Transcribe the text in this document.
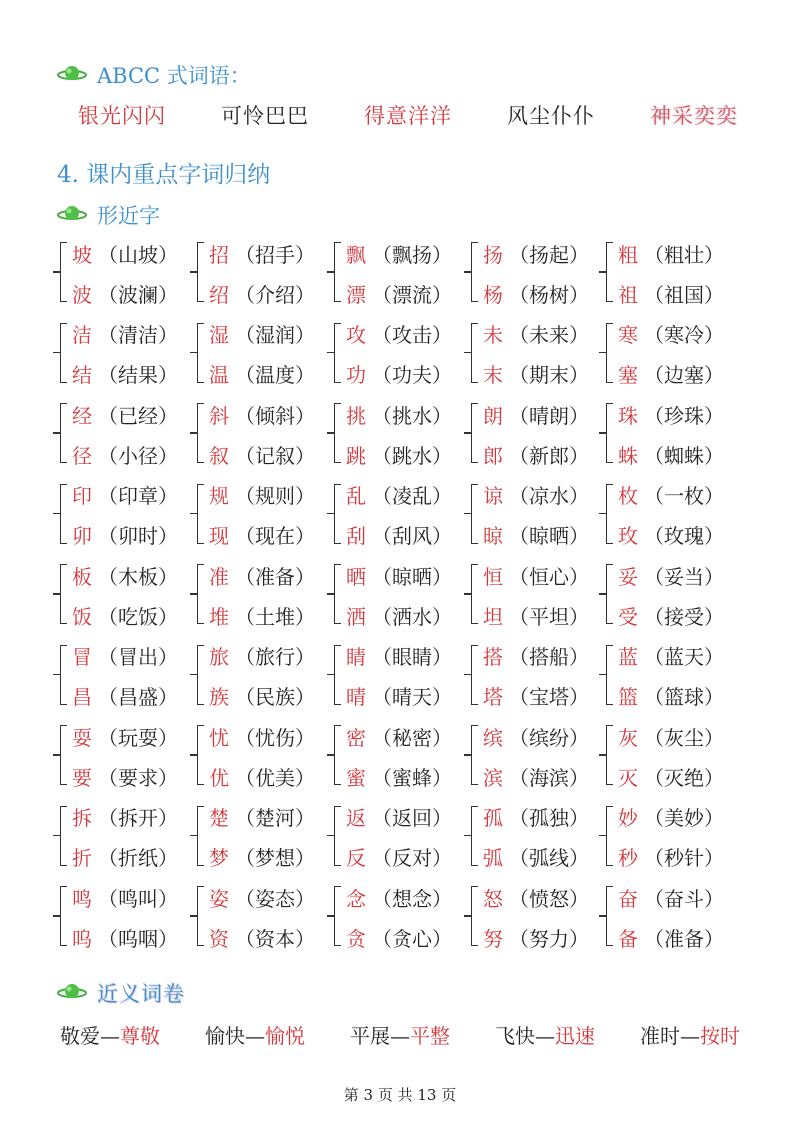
ABCC 式词语：
银光闪闪	可怜巴巴	得意洋洋	风尘仆仆	神采奕奕
4. 课内重点字词归纳
形近字
坡 （ 山坡 ）
波 （ 波澜 ）
招 （ 招手 ）
绍 （ 介绍 ）
飘 （ 飘扬 ）
漂 （ 漂流 ）
扬 （ 扬起 ）
杨 （ 杨树 ）
粗 （ 粗壮 ）
祖 （ 祖国 ）
洁 （ 清洁 ）
结 （ 结果 ）
湿 （ 湿润 ）
温 （ 温度 ）
攻 （ 攻击 ）
功 （ 功夫 ）
未 （ 未来 ）
末 （ 期末 ）
寒 （ 寒冷 ）
塞 （ 边塞 ）
经 （ 已经 ）
径 （ 小径 ）
斜 （ 倾斜 ）
叙 （ 记叙 ）
挑 （ 挑水 ）
跳 （ 跳水 ）
朗 （ 晴朗 ）
郎 （ 新郎 ）
珠 （ 珍珠 ）
蛛 （ 蜘蛛 ）
印 （ 印章 ）
卯 （ 卯时 ）
规 （ 规则 ）
现 （ 现在 ）
乱 （ 凌乱 ）
刮 （ 刮风 ）
谅 （ 凉水 ）
晾 （ 晾晒 ）
枚 （ 一枚 ）
玫 （ 玫瑰 ）
板 （ 木板 ）
饭 （ 吃饭 ）
准 （ 准备 ）
堆 （ 土堆 ）
晒 （ 晾晒 ）
洒 （ 洒水 ）
恒 （ 恒心 ）
坦 （ 平坦 ）
妥 （ 妥当 ）
受 （ 接受 ）
冒 （ 冒出 ）
昌 （ 昌盛 ）
旅 （ 旅行 ）
族 （ 民族 ）
睛 （ 眼睛 ）
晴 （ 晴天 ）
搭 （ 搭船 ）
塔 （ 宝塔 ）
蓝 （ 蓝天 ）
篮 （ 篮球 ）
耍 （ 玩耍 ）
要 （ 要求 ）
忧 （ 忧伤 ）
优 （ 优美 ）
密 （ 秘密 ）
蜜 （ 蜜蜂 ）
缤 （ 缤纷 ）
滨 （ 海滨 ）
灰 （ 灰尘 ）
灭 （ 灭绝 ）
拆 （ 拆开 ）
折 （ 折纸 ）
楚 （ 楚河 ）
梦 （ 梦想 ）
返 （ 返回 ）
反 （ 反对 ）
孤 （ 孤独 ）
弧 （ 弧线 ）
妙 （ 美妙 ）
秒 （ 秒针 ）
鸣 （ 鸣叫 ）
呜 （ 呜咽 ）
姿 （ 姿态 ）
资 （ 资本 ）
念 （ 想念 ）
贪 （ 贪心 ）
怒 （ 愤怒 ）
努 （ 努力 ）
奋 （ 奋斗 ）
备 （ 准备 ）
近义词卷
敬爱—尊敬 愉快—愉悦 平展—平整 飞快—迅速 准时—按时
第 3 页 共 13 页
